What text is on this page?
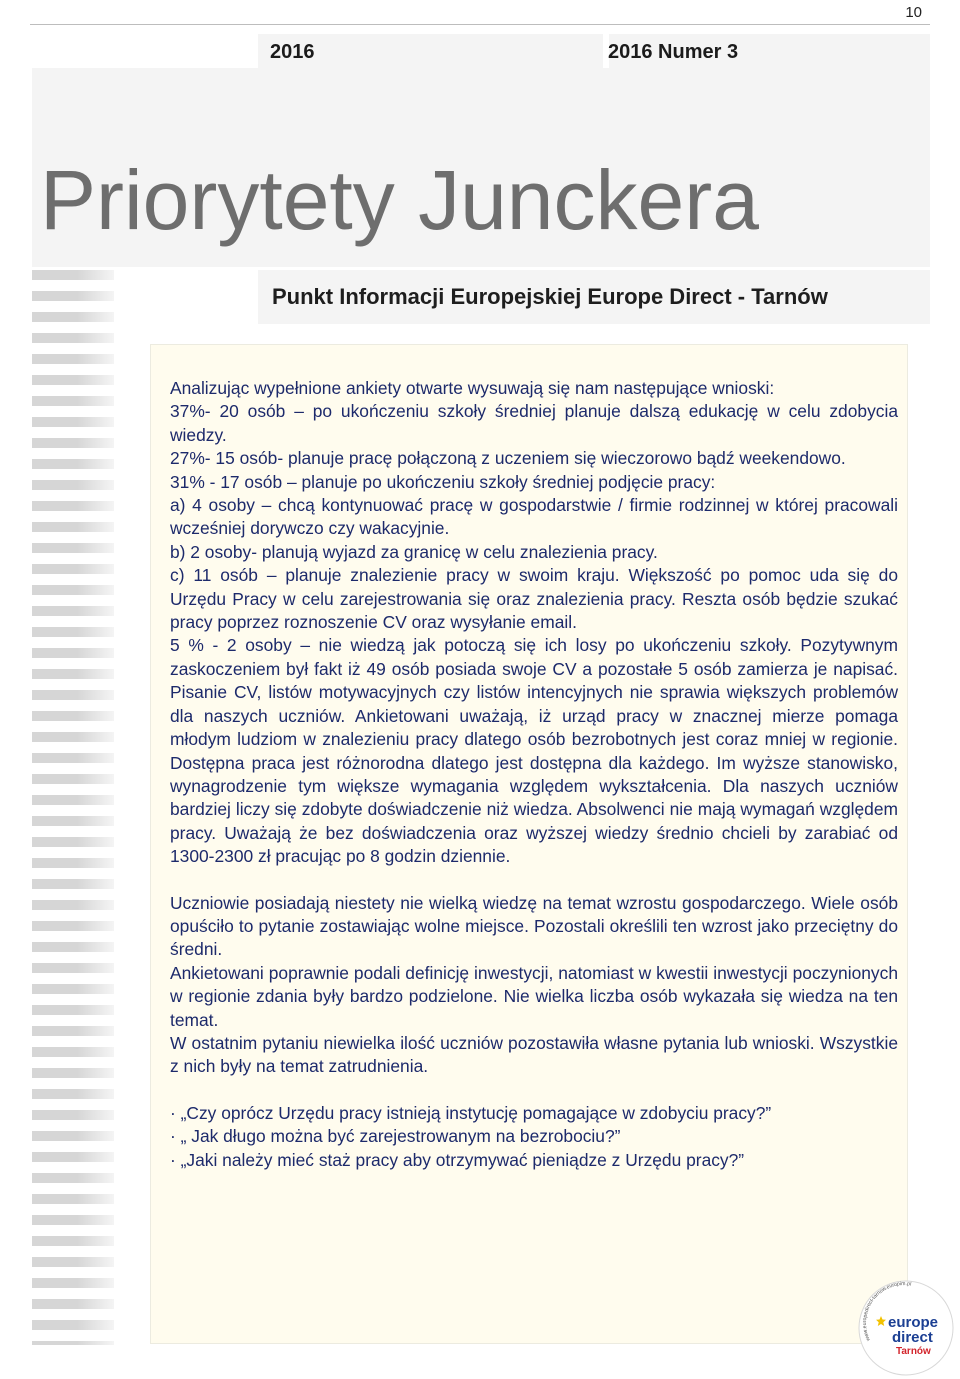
10
2016	2016 Numer 3
Priorytety Junckera
Punkt Informacji Europejskiej Europe Direct - Tarnów

Analizując wypełnione ankiety otwarte wysuwają się nam następujące wnioski:

37%- 20 osób – po ukończeniu szkoły średniej planuje dalszą edukację w celu zdobycia wiedzy.

27%- 15 osób- planuje pracę połączoną z uczeniem się wieczorowo bądź weekendowo.

31% - 17 osób – planuje po ukończeniu szkoły średniej podjęcie pracy:

a) 4 osoby – chcą kontynuować pracę w gospodarstwie / firmie rodzinnej w której pracowali wcześniej dorywczo czy wakacyjnie.

b) 2 osoby- planują wyjazd za granicę w celu znalezienia pracy.

c) 11 osób – planuje znalezienie pracy w swoim kraju. Większość po pomoc uda się do Urzędu Pracy w celu zarejestrowania się oraz znalezienia pracy. Reszta osób będzie szukać pracy poprzez roznoszenie CV oraz wysyłanie email.

5 % - 2 osoby – nie wiedzą jak potoczą się ich losy po ukończeniu szkoły. Pozytywnym zaskoczeniem był fakt iż 49 osób posiada swoje CV a pozostałe 5 osób zamierza je napisać. Pisanie CV, listów motywacyjnych czy listów intencyjnych nie sprawia większych problemów dla naszych uczniów. Ankietowani uważają, iż urząd pracy w znacznej mierze pomaga młodym ludziom w znalezieniu pracy dlatego osób bezrobotnych jest coraz mniej w regionie. Dostępna praca jest różnorodna dlatego jest dostępna dla każdego. Im wyższe stanowisko, wynagrodzenie tym większe wymagania względem wykształcenia. Dla naszych uczniów bardziej liczy się zdobyte doświadczenie niż wiedza. Absolwenci nie mają wymagań względem pracy. Uważają że bez doświadczenia oraz wyższej wiedzy średnio chcieli by zarabiać od 1300-2300 zł pracując po 8 godzin dziennie.

Uczniowie posiadają niestety nie wielką wiedzę na temat wzrostu gospodarczego. Wiele osób opuściło to pytanie zostawiając wolne miejsce. Pozostali określili ten wzrost jako przeciętny do średni.

Ankietowani poprawnie podali definicję inwestycji, natomiast w kwestii inwestycji poczynionych w regionie zdania były bardzo podzielone. Nie wielka liczba osób wykazała się wiedza na ten temat.

W ostatnim pytaniu niewielka ilość uczniów pozostawiła własne pytania lub wnioski. Wszystkie z nich były na temat zatrudnienia.

· „Czy oprócz Urzędu pracy istnieją instytucję pomagające w zdobyciu pracy?”

· „ Jak długo można być zarejestrowanym na bezrobociu?”

· „Jaki należy mieć staż pracy aby otrzymywać pieniądze z Urzędu pracy?”

www.europedirect-tarnow.europim.pl
europe
direct
Tarnów
